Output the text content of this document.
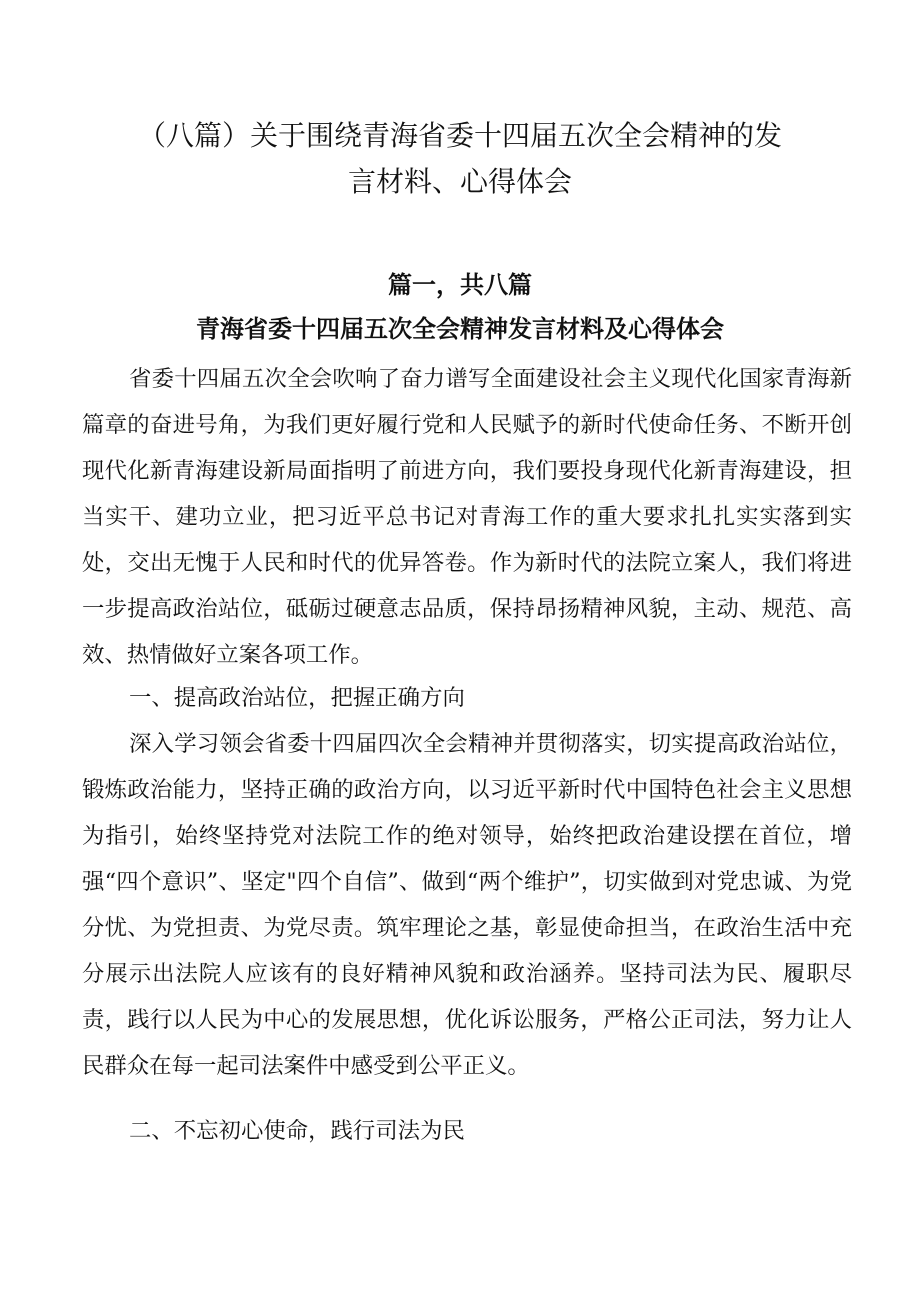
（八篇）关于围绕青海省委十四届五次全会精神的发
言材料、心得体会
篇一，共八篇
青海省委十四届五次全会精神发言材料及心得体会

省委十四届五次全会吹响了奋力谱写全面建设社会主义现代化国家青海新篇章的奋进号角，为我们更好履行党和人民赋予的新时代使命任务、不断开创现代化新青海建设新局面指明了前进方向，我们要投身现代化新青海建设，担当实干、建功立业，把习近平总书记对青海工作的重大要求扎扎实实落到实处，交出无愧于人民和时代的优异答卷。作为新时代的法院立案人，我们将进一步提高政治站位，砥砺过硬意志品质，保持昂扬精神风貌，主动、规范、高效、热情做好立案各项工作。

一、提高政治站位，把握正确方向

深入学习领会省委十四届四次全会精神并贯彻落实，切实提高政治站位，锻炼政治能力，坚持正确的政治方向，以习近平新时代中国特色社会主义思想为指引，始终坚持党对法院工作的绝对领导，始终把政治建设摆在首位，增强“四个意识”、坚定"四个自信”、做到“两个维护”，切实做到对党忠诚、为党分忧、为党担责、为党尽责。筑牢理论之基，彰显使命担当，在政治生活中充分展示出法院人应该有的良好精神风貌和政治涵养。坚持司法为民、履职尽责，践行以人民为中心的发展思想，优化诉讼服务，严格公正司法，努力让人民群众在每一起司法案件中感受到公平正义。

二、不忘初心使命，践行司法为民
